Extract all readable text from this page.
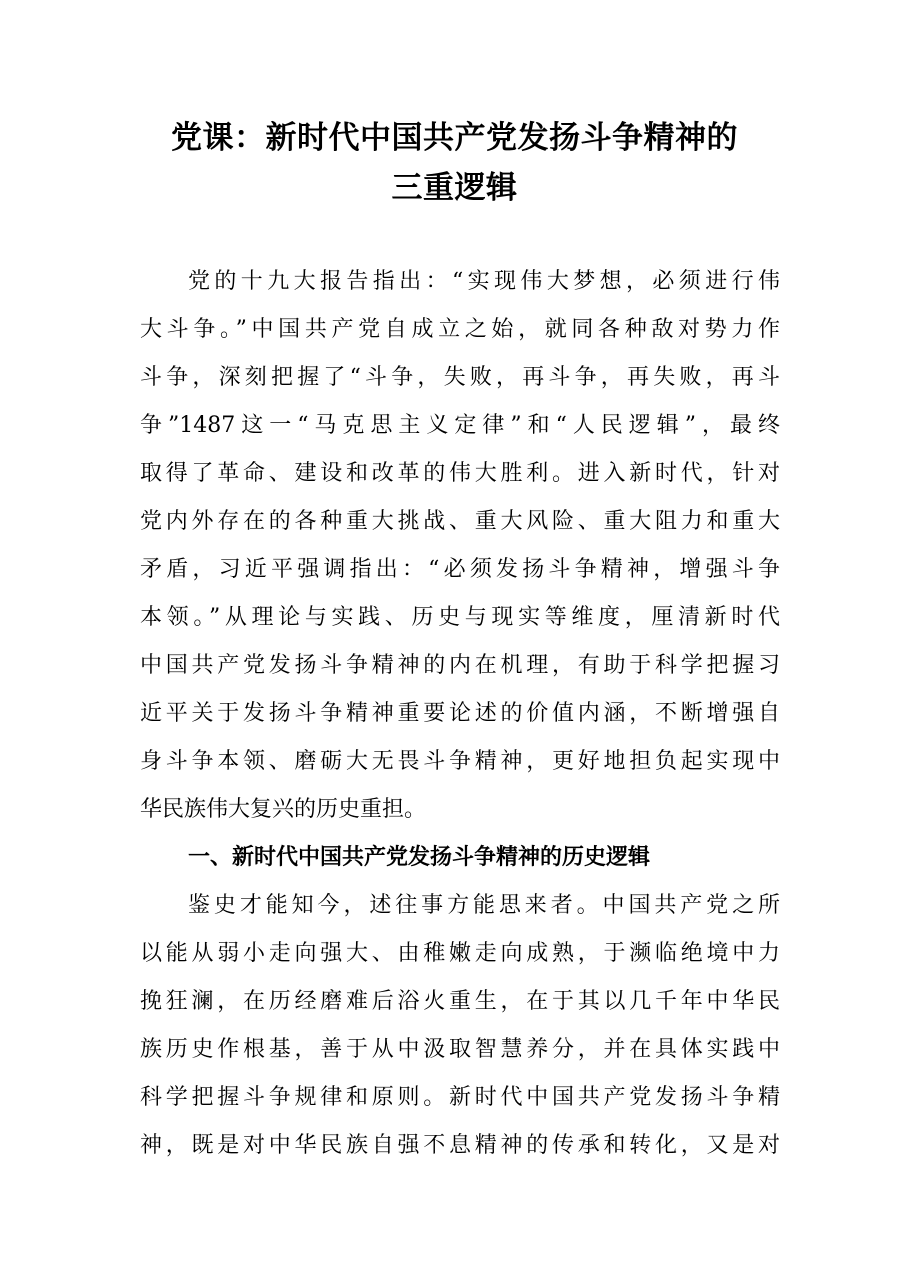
党课：新时代中国共产党发扬斗争精神的
三重逻辑
党的十九大报告指出：“实现伟大梦想，必须进行伟
大斗争。”中国共产党自成立之始，就同各种敌对势力作
斗争，深刻把握了“斗争，失败，再斗争，再失败，再斗
争”1487这一“马克思主义定律”和“人民逻辑”，最终
取得了革命、建设和改革的伟大胜利。进入新时代，针对
党内外存在的各种重大挑战、重大风险、重大阻力和重大
矛盾，习近平强调指出：“必须发扬斗争精神，增强斗争
本领。”从理论与实践、历史与现实等维度，厘清新时代
中国共产党发扬斗争精神的内在机理，有助于科学把握习
近平关于发扬斗争精神重要论述的价值内涵，不断增强自
身斗争本领、磨砺大无畏斗争精神，更好地担负起实现中
华民族伟大复兴的历史重担。
一、新时代中国共产党发扬斗争精神的历史逻辑
鉴史才能知今，述往事方能思来者。中国共产党之所
以能从弱小走向强大、由稚嫩走向成熟，于濒临绝境中力
挽狂澜，在历经磨难后浴火重生，在于其以几千年中华民
族历史作根基，善于从中汲取智慧养分，并在具体实践中
科学把握斗争规律和原则。新时代中国共产党发扬斗争精
神，既是对中华民族自强不息精神的传承和转化，又是对
